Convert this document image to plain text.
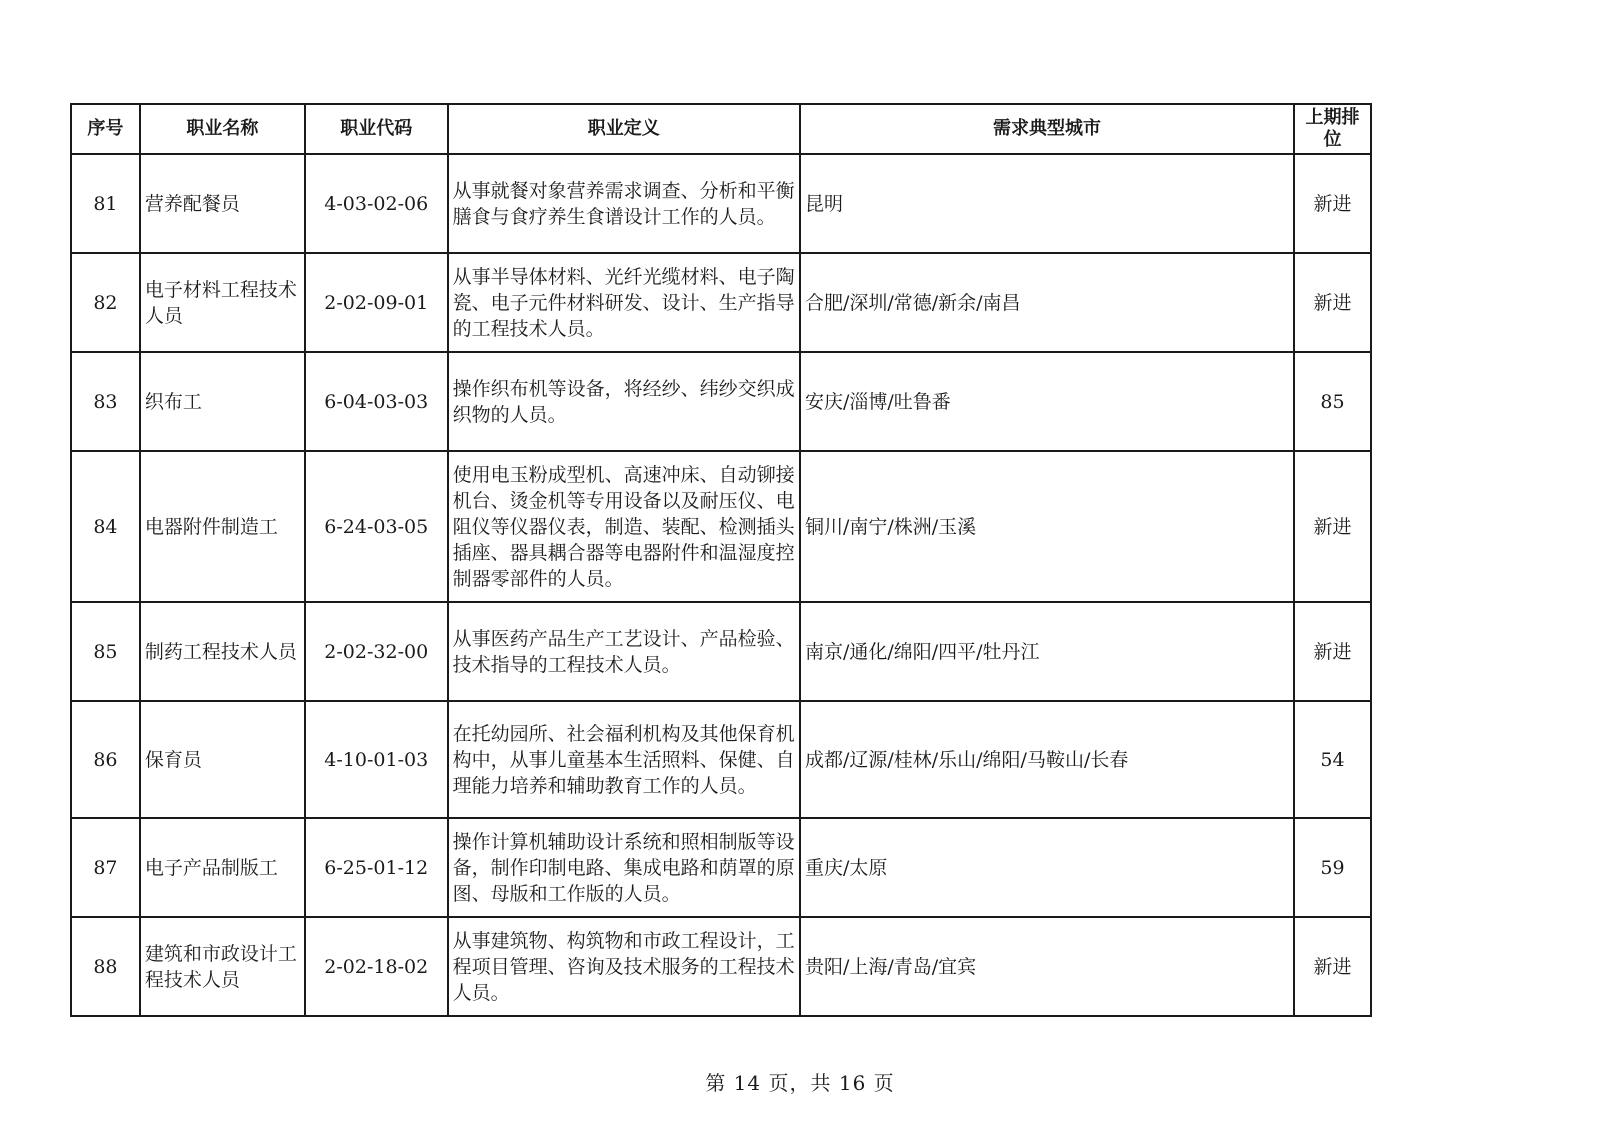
序号	职业名称	职业代码	职业定义	需求典型城市	上期排位
81	营养配餐员	4-03-02-06	从事就餐对象营养需求调查、分析和平衡膳食与食疗养生食谱设计工作的人员。	昆明	新进
82	电子材料工程技术人员	2-02-09-01	从事半导体材料、光纤光缆材料、电子陶瓷、电子元件材料研发、设计、生产指导的工程技术人员。	合肥/深圳/常德/新余/南昌	新进
83	织布工	6-04-03-03	操作织布机等设备，将经纱、纬纱交织成织物的人员。	安庆/淄博/吐鲁番	85
84	电器附件制造工	6-24-03-05	使用电玉粉成型机、高速冲床、自动铆接机台、烫金机等专用设备以及耐压仪、电阻仪等仪器仪表，制造、装配、检测插头插座、器具耦合器等电器附件和温湿度控制器零部件的人员。	铜川/南宁/株洲/玉溪	新进
85	制药工程技术人员	2-02-32-00	从事医药产品生产工艺设计、产品检验、技术指导的工程技术人员。	南京/通化/绵阳/四平/牡丹江	新进
86	保育员	4-10-01-03	在托幼园所、社会福利机构及其他保育机构中，从事儿童基本生活照料、保健、自理能力培养和辅助教育工作的人员。	成都/辽源/桂林/乐山/绵阳/马鞍山/长春	54
87	电子产品制版工	6-25-01-12	操作计算机辅助设计系统和照相制版等设备，制作印制电路、集成电路和荫罩的原图、母版和工作版的人员。	重庆/太原	59
88	建筑和市政设计工程技术人员	2-02-18-02	从事建筑物、构筑物和市政工程设计，工程项目管理、咨询及技术服务的工程技术人员。	贵阳/上海/青岛/宜宾	新进
第 14 页，共 16 页
